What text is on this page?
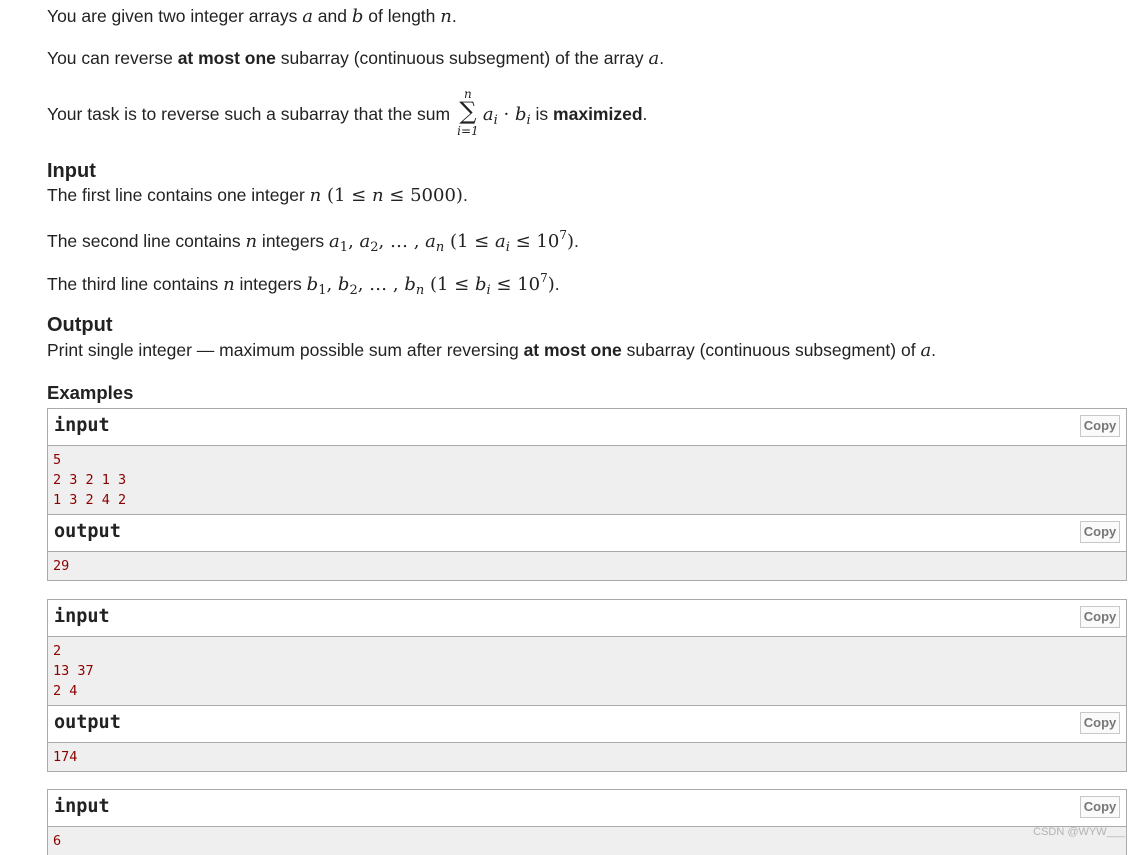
You are given two integer arrays a and b of length n.
You can reverse at most one subarray (continuous subsegment) of the array a.
Your task is to reverse such a subarray that the sum
n
∑
i=1
$a_i \cdot b_i$ is maximized.
Input
The first line contains one integer n (1 ≤ n ≤ 5000).
The second line contains n integers $a_1$, $a_2$, … , $a_n$ $(1 \le a_i \le 10^7)$.
The third line contains n integers $b_1$, $b_2$, … , $b_n$ $(1 \le b_i \le 10^7)$.
Output
Print single integer — maximum possible sum after reversing at most one subarray (continuous subsegment) of a.
Examples
input	Copy
5
2 3 2 1 3
1 3 2 4 2
output	Copy
29
input	Copy
2
13 37
2 4
output	Copy
174
input	Copy
6
CSDN @WYW___
